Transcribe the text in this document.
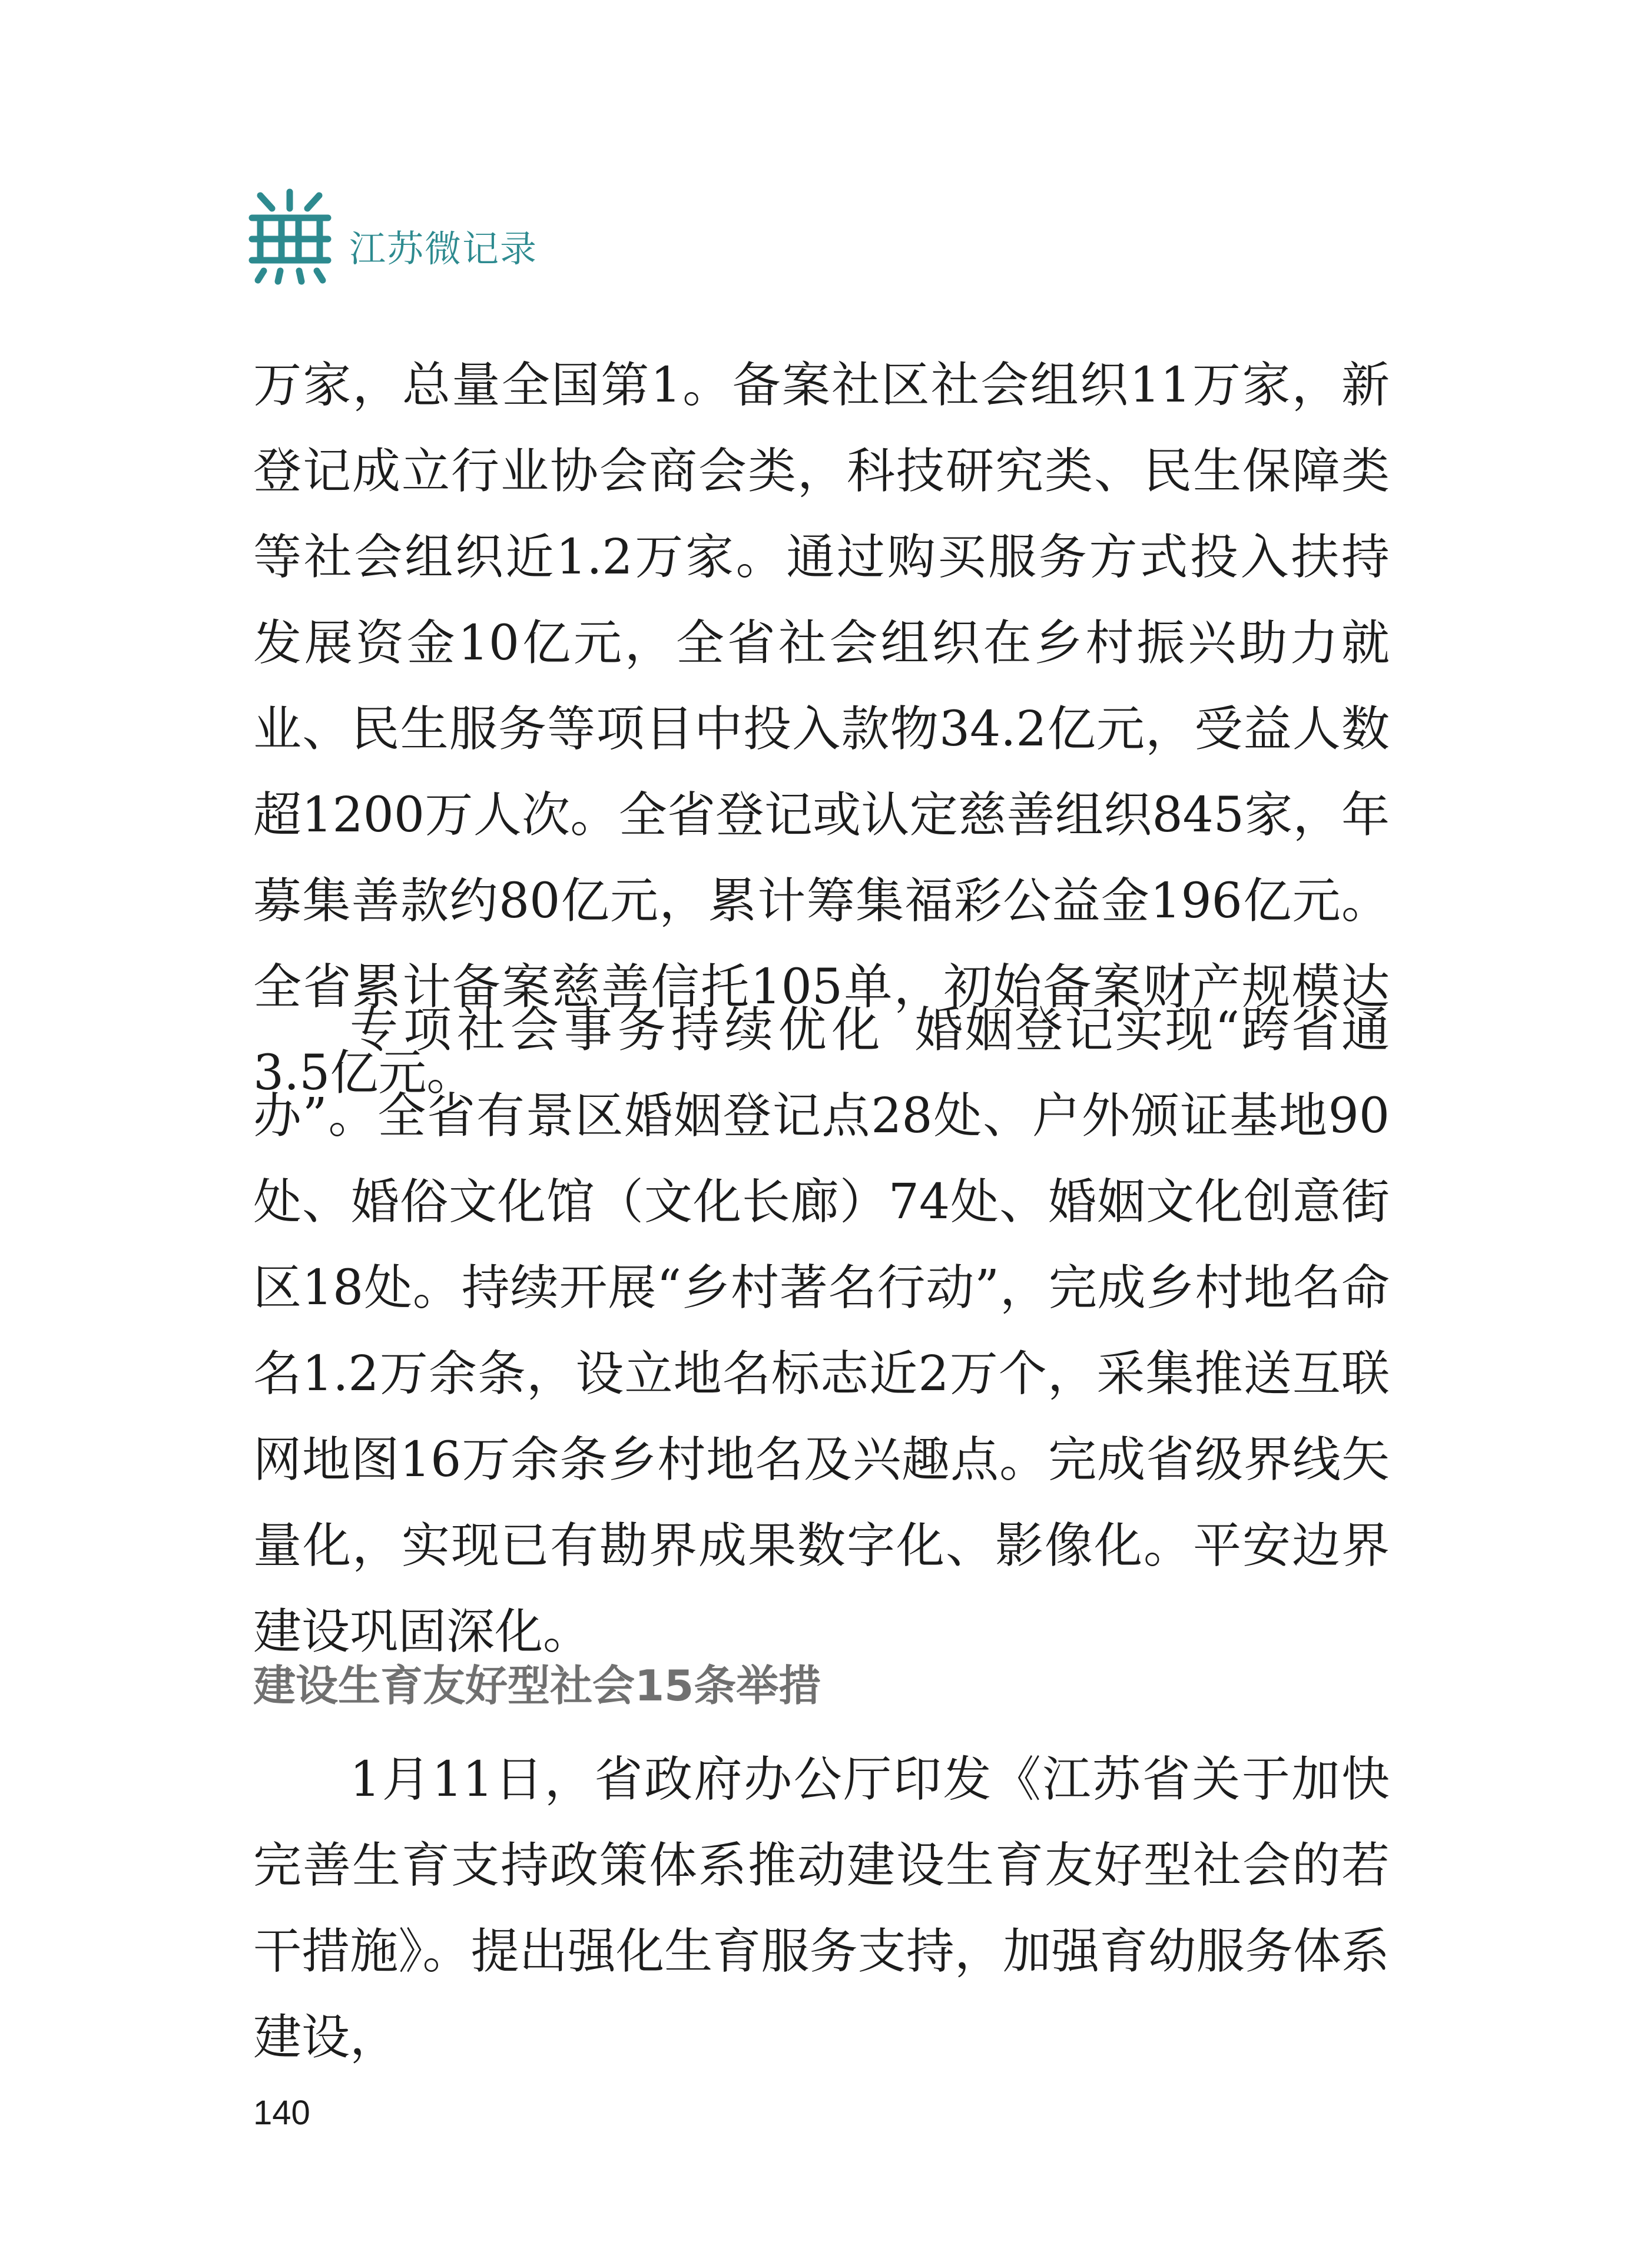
江苏微记录

万家，总量全国第1。备案社区社会组织11万家，新登记成立行业协会商会类，科技研究类、民生保障类等社会组织近1.2万家。通过购买服务方式投入扶持发展资金10亿元，全省社会组织在乡村振兴助力就业、民生服务等项目中投入款物34.2亿元，受益人数超1200万人次。全省登记或认定慈善组织845家，年募集善款约80亿元，累计筹集福彩公益金196亿元。全省累计备案慈善信托105单，初始备案财产规模达3.5亿元。

专项社会事务持续优化 婚姻登记实现“跨省通办”。全省有景区婚姻登记点28处、户外颁证基地90处、婚俗文化馆（文化长廊）74处、婚姻文化创意街区18处。持续开展“乡村著名行动”，完成乡村地名命名1.2万余条，设立地名标志近2万个，采集推送互联网地图16万余条乡村地名及兴趣点。完成省级界线矢量化，实现已有勘界成果数字化、影像化。平安边界建设巩固深化。

建设生育友好型社会15条举措

1月11日，省政府办公厅印发《江苏省关于加快完善生育支持政策体系推动建设生育友好型社会的若干措施》。提出强化生育服务支持，加强育幼服务体系建设，

140
